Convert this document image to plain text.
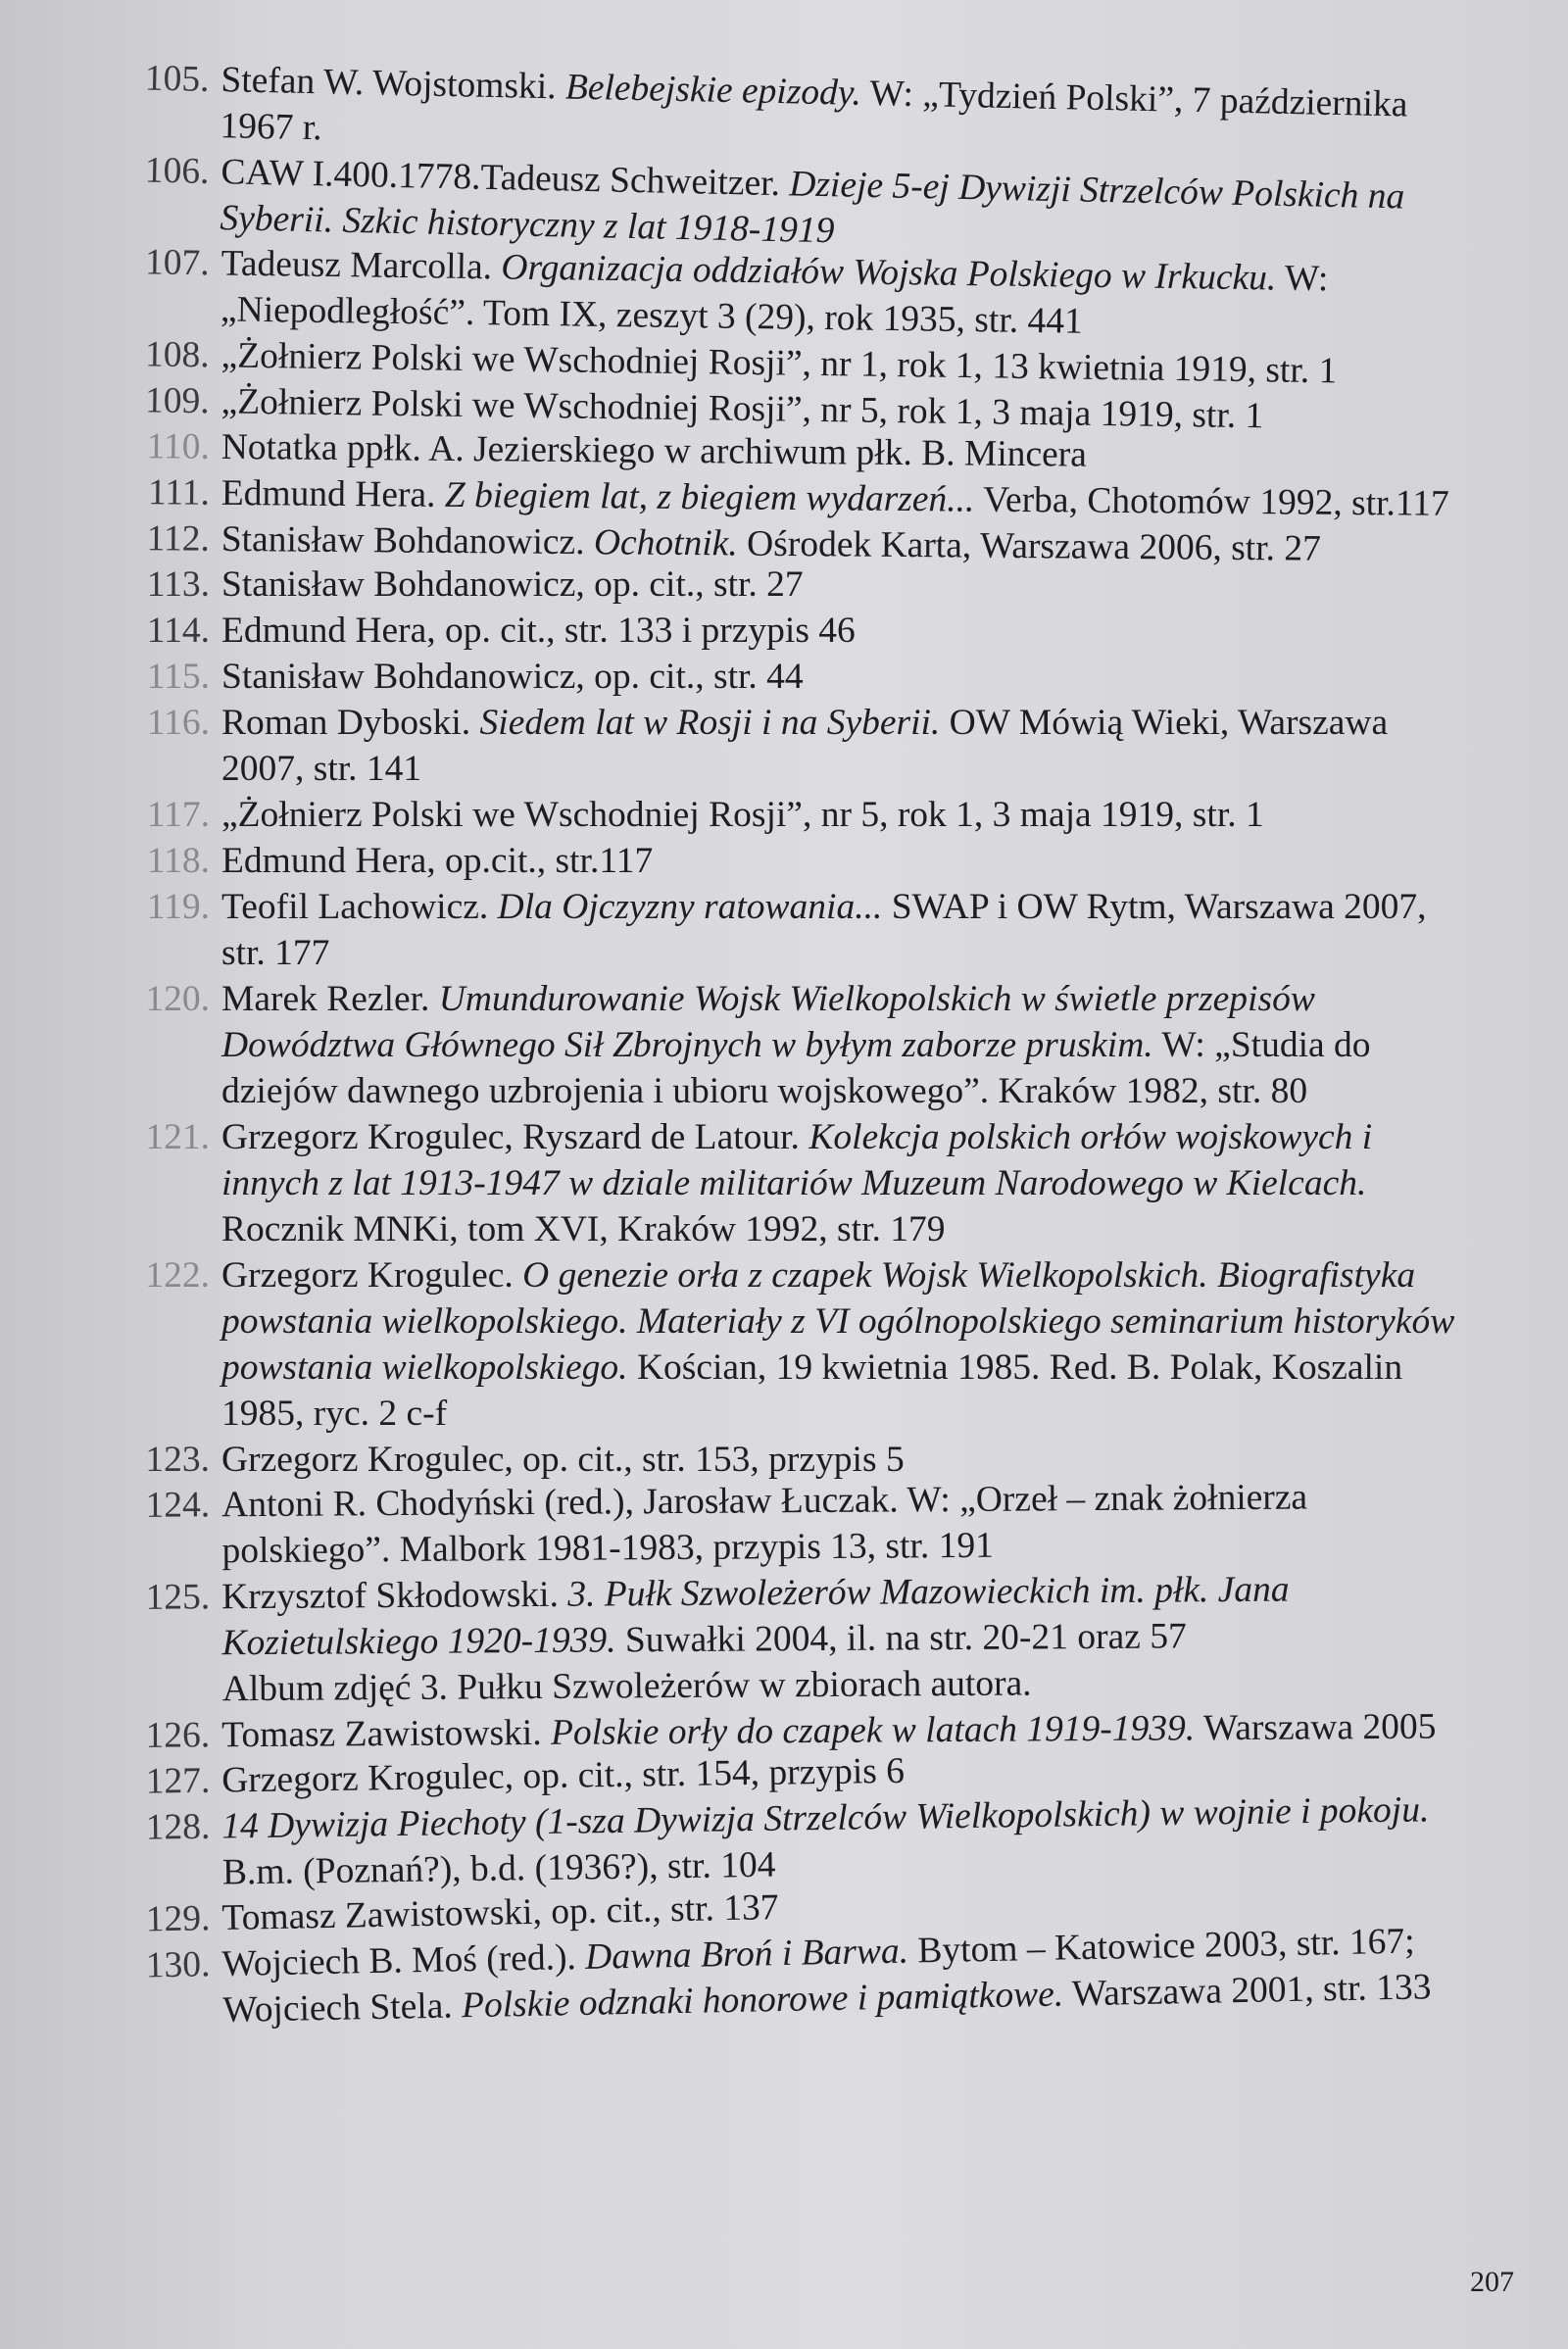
105. Stefan W. Wojstomski. Belebejskie epizody. W: „Tydzień Polski”, 7 października 1967 r.
106. CAW I.400.1778.Tadeusz Schweitzer. Dzieje 5-ej Dywizji Strzelców Polskich na Syberii. Szkic historyczny z lat 1918-1919
107. Tadeusz Marcolla. Organizacja oddziałów Wojska Polskiego w Irkucku. W: „Niepodległość”. Tom IX, zeszyt 3 (29), rok 1935, str. 441
108. „Żołnierz Polski we Wschodniej Rosji”, nr 1, rok 1, 13 kwietnia 1919, str. 1
109. „Żołnierz Polski we Wschodniej Rosji”, nr 5, rok 1, 3 maja 1919, str. 1
110. Notatka ppłk. A. Jezierskiego w archiwum płk. B. Mincera
111. Edmund Hera. Z biegiem lat, z biegiem wydarzeń... Verba, Chotomów 1992, str.117
112. Stanisław Bohdanowicz. Ochotnik. Ośrodek Karta, Warszawa 2006, str. 27
113. Stanisław Bohdanowicz, op. cit., str. 27
114. Edmund Hera, op. cit., str. 133 i przypis 46
115. Stanisław Bohdanowicz, op. cit., str. 44
116. Roman Dyboski. Siedem lat w Rosji i na Syberii. OW Mówią Wieki, Warszawa 2007, str. 141
117. „Żołnierz Polski we Wschodniej Rosji”, nr 5, rok 1, 3 maja 1919, str. 1
118. Edmund Hera, op.cit., str.117
119. Teofil Lachowicz. Dla Ojczyzny ratowania... SWAP i OW Rytm, Warszawa 2007, str. 177
120. Marek Rezler. Umundurowanie Wojsk Wielkopolskich w świetle przepisów Dowództwa Głównego Sił Zbrojnych w byłym zaborze pruskim. W: „Studia do dziejów dawnego uzbrojenia i ubioru wojskowego”. Kraków 1982, str. 80
121. Grzegorz Krogulec, Ryszard de Latour. Kolekcja polskich orłów wojskowych i innych z lat 1913-1947 w dziale militariów Muzeum Narodowego w Kielcach. Rocznik MNKi, tom XVI, Kraków 1992, str. 179
122. Grzegorz Krogulec. O genezie orła z czapek Wojsk Wielkopolskich. Biografistyka powstania wielkopolskiego. Materiały z VI ogólnopolskiego seminarium historyków powstania wielkopolskiego. Kościan, 19 kwietnia 1985. Red. B. Polak, Koszalin 1985, ryc. 2 c-f
123. Grzegorz Krogulec, op. cit., str. 153, przypis 5
124. Antoni R. Chodyński (red.), Jarosław Łuczak. W: „Orzeł – znak żołnierza polskiego”. Malbork 1981-1983, przypis 13, str. 191
125. Krzysztof Skłodowski. 3. Pułk Szwoleżerów Mazowieckich im. płk. Jana Kozietulskiego 1920-1939. Suwałki 2004, il. na str. 20-21 oraz 57
Album zdjęć 3. Pułku Szwoleżerów w zbiorach autora.
126. Tomasz Zawistowski. Polskie orły do czapek w latach 1919-1939. Warszawa 2005
127. Grzegorz Krogulec, op. cit., str. 154, przypis 6
128. 14 Dywizja Piechoty (1-sza Dywizja Strzelców Wielkopolskich) w wojnie i pokoju. B.m. (Poznań?), b.d. (1936?), str. 104
129. Tomasz Zawistowski, op. cit., str. 137
130. Wojciech B. Moś (red.). Dawna Broń i Barwa. Bytom – Katowice 2003, str. 167; Wojciech Stela. Polskie odznaki honorowe i pamiątkowe. Warszawa 2001, str. 133
207
